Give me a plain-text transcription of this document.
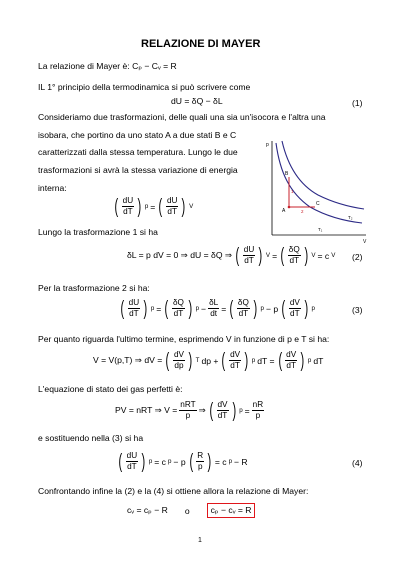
RELAZIONE DI MAYER
La relazione di Mayer è: Cₚ − Cᵥ = R
IL 1° principio della termodinamica si può scrivere come
dU = δQ − δL	(1)
Consideriamo due trasformazioni, delle quali una sia un'isocora e l'altra una
isobara, che portino da uno stato A a due stati B e C
caratterizzati dalla stessa temperatura. Lungo le due
trasformazioni si avrà la stessa variazione di energia
interna:
p
V
A
B
C
1
2
T₂
T₁
( $\frac{dU}{dT}$ ) p = ( $\frac{dU}{dT}$ ) V
Lungo la trasformazione 1 si ha
δL = p dV = 0 ⇒ dU = δQ ⇒ ( $\frac{dU}{dT}$ ) V = ( $\frac{\delta Q}{dT}$ ) V = c V (2)
Per la trasformazione 2 si ha:
( $\frac{dU}{dT}$ ) p = ( $\frac{\delta Q}{dT}$ ) $p - \frac{\delta L}{dt}$ = ( $\frac{\delta Q}{dT}$ ) p − p ( $\frac{dV}{dT}$ ) p	(3)
Per quanto riguarda l'ultimo termine, esprimendo V in funzione di p e T si ha:
V = V(p,T) ⇒ dV = ( $\frac{dV}{dp}$ ) T dp + ( $\frac{dV}{dT}$ ) p dT = ( $\frac{dV}{dT}$ ) p dT
L'equazione di stato dei gas perfetti è:
PV = nRT ⇒ $V = \frac{\text{nRT}}{p}$ ⇒ ( $\frac{dV}{dT}$ ) $p = \frac{nR}{p}$
e sostituendo nella (3) si ha
( $\frac{dU}{dT}$ ) p = c p − p ( $\frac{R}{p}$ ) = c p − R	(4)
Confrontando infine la (2) e la (4) si ottiene allora la relazione di Mayer:
cᵥ = cₚ − R o	cₚ − cᵥ = R
1
